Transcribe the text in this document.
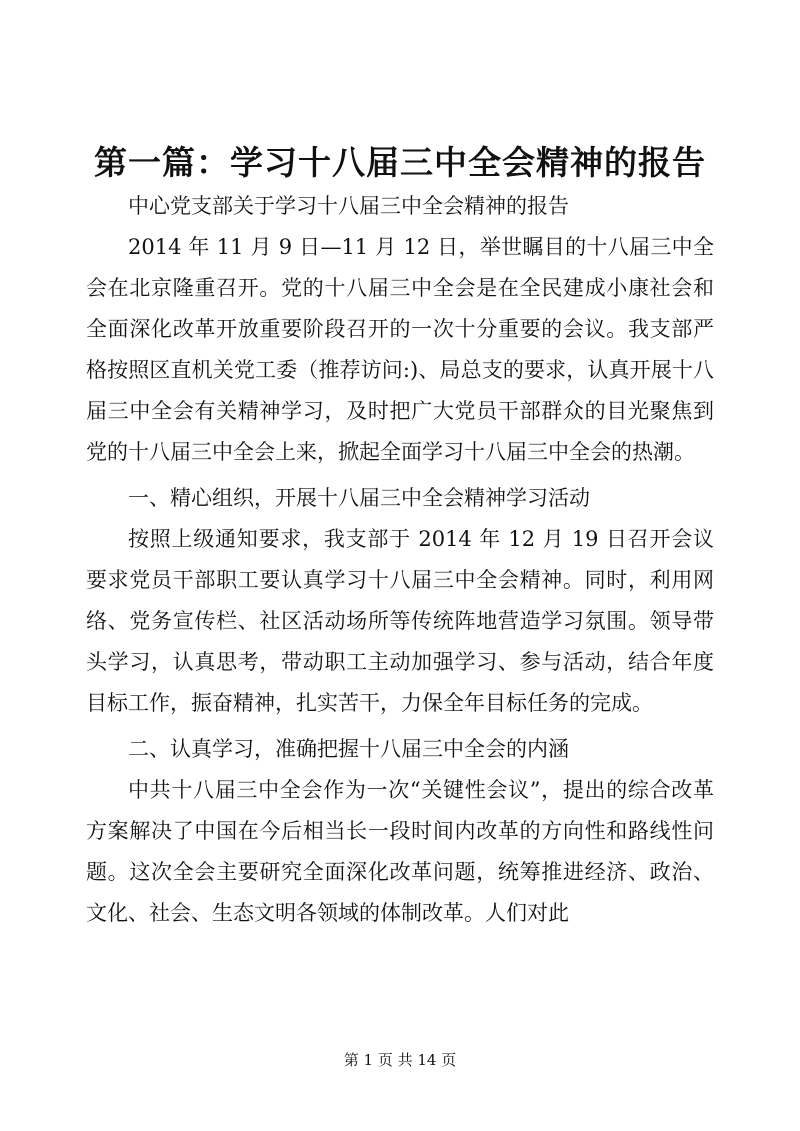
第一篇：学习十八届三中全会精神的报告

中心党支部关于学习十八届三中全会精神的报告

2014 年 11 月 9 日—11 月 12 日，举世瞩目的十八届三中全会在北京隆重召开。党的十八届三中全会是在全民建成小康社会和全面深化改革开放重要阶段召开的一次十分重要的会议。我支部严格按照区直机关党工委（推荐访问:)、局总支的要求，认真开展十八届三中全会有关精神学习，及时把广大党员干部群众的目光聚焦到党的十八届三中全会上来，掀起全面学习十八届三中全会的热潮。

一、精心组织，开展十八届三中全会精神学习活动

按照上级通知要求，我支部于 2014 年 12 月 19 日召开会议要求党员干部职工要认真学习十八届三中全会精神。同时，利用网络、党务宣传栏、社区活动场所等传统阵地营造学习氛围。领导带头学习，认真思考，带动职工主动加强学习、参与活动，结合年度目标工作，振奋精神，扎实苦干，力保全年目标任务的完成。

二、认真学习，准确把握十八届三中全会的内涵

中共十八届三中全会作为一次“关键性会议”，提出的综合改革方案解决了中国在今后相当长一段时间内改革的方向性和路线性问题。这次全会主要研究全面深化改革问题，统筹推进经济、政治、文化、社会、生态文明各领域的体制改革。人们对此

第 1 页 共 14 页
